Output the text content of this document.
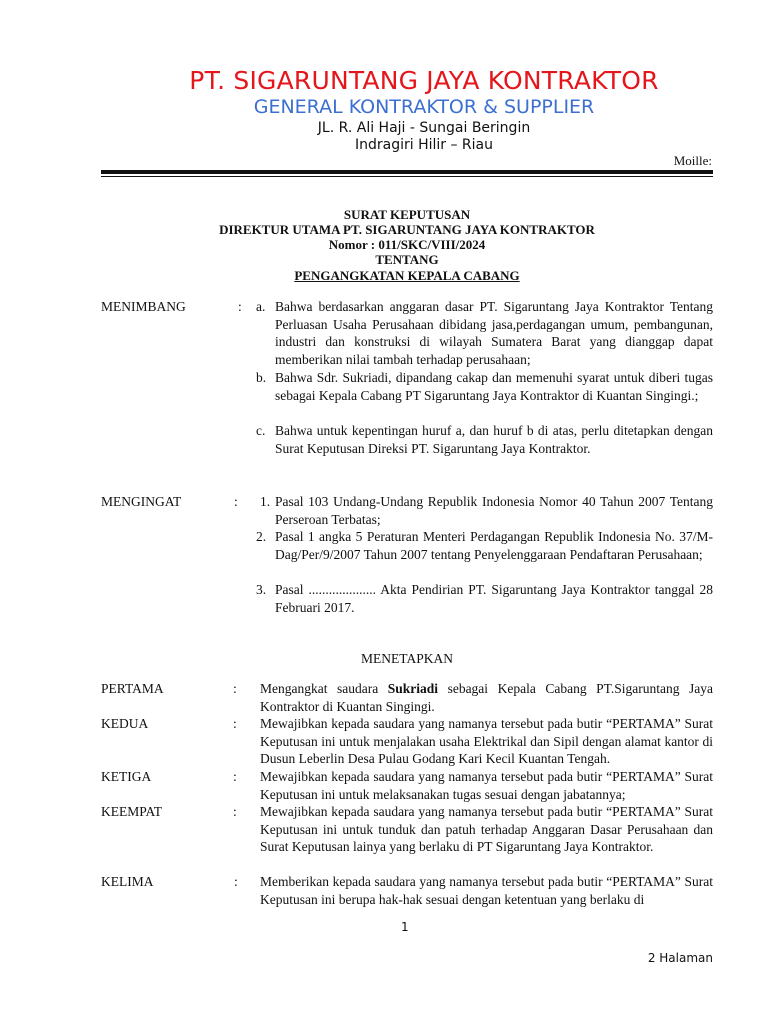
PT. SIGARUNTANG JAYA KONTRAKTOR
GENERAL KONTRAKTOR & SUPPLIER
JL. R. Ali Haji - Sungai Beringin
Indragiri Hilir – Riau
Moille:
SURAT KEPUTUSAN
DIREKTUR UTAMA PT. SIGARUNTANG JAYA KONTRAKTOR
Nomor : 011/SKC/VIII/2024
TENTANG
PENGANGKATAN KEPALA CABANG
MENIMBANG	: a. Bahwa berdasarkan anggaran dasar PT. Sigaruntang Jaya Kontraktor Tentang Perluasan Usaha Perusahaan dibidang jasa,perdagangan umum, pembangunan, industri dan konstruksi di wilayah Sumatera Barat yang dianggap dapat memberikan nilai tambah terhadap perusahaan;
b. Bahwa Sdr. Sukriadi, dipandang cakap dan memenuhi syarat untuk diberi tugas sebagai Kepala Cabang PT Sigaruntang Jaya Kontraktor di Kuantan Singingi.;
c. Bahwa untuk kepentingan huruf a, dan huruf b di atas, perlu ditetapkan dengan Surat Keputusan Direksi PT. Sigaruntang Jaya Kontraktor.
MENGINGAT	: 1. Pasal 103 Undang-Undang Republik Indonesia Nomor 40 Tahun 2007 Tentang Perseroan Terbatas;
2. Pasal 1 angka 5 Peraturan Menteri Perdagangan Republik Indonesia No. 37/M-Dag/Per/9/2007 Tahun 2007 tentang Penyelenggaraan Pendaftaran Perusahaan;
3. Pasal .................... Akta Pendirian PT. Sigaruntang Jaya Kontraktor tanggal 28 Februari 2017.
MENETAPKAN
PERTAMA	: Mengangkat saudara Sukriadi sebagai Kepala Cabang PT.Sigaruntang Jaya Kontraktor di Kuantan Singingi.
KEDUA	: Mewajibkan kepada saudara yang namanya tersebut pada butir “PERTAMA” Surat Keputusan ini untuk menjalakan usaha Elektrikal dan Sipil dengan alamat kantor di Dusun Leberlin Desa Pulau Godang Kari Kecil Kuantan Tengah.
KETIGA	: Mewajibkan kepada saudara yang namanya tersebut pada butir “PERTAMA” Surat Keputusan ini untuk melaksanakan tugas sesuai dengan jabatannya;
KEEMPAT	: Mewajibkan kepada saudara yang namanya tersebut pada butir “PERTAMA” Surat Keputusan ini untuk tunduk dan patuh terhadap Anggaran Dasar Perusahaan dan Surat Keputusan lainya yang berlaku di PT Sigaruntang Jaya Kontraktor.
KELIMA	: Memberikan kepada saudara yang namanya tersebut pada butir “PERTAMA” Surat Keputusan ini berupa hak-hak sesuai dengan ketentuan yang berlaku di
1
2 Halaman
